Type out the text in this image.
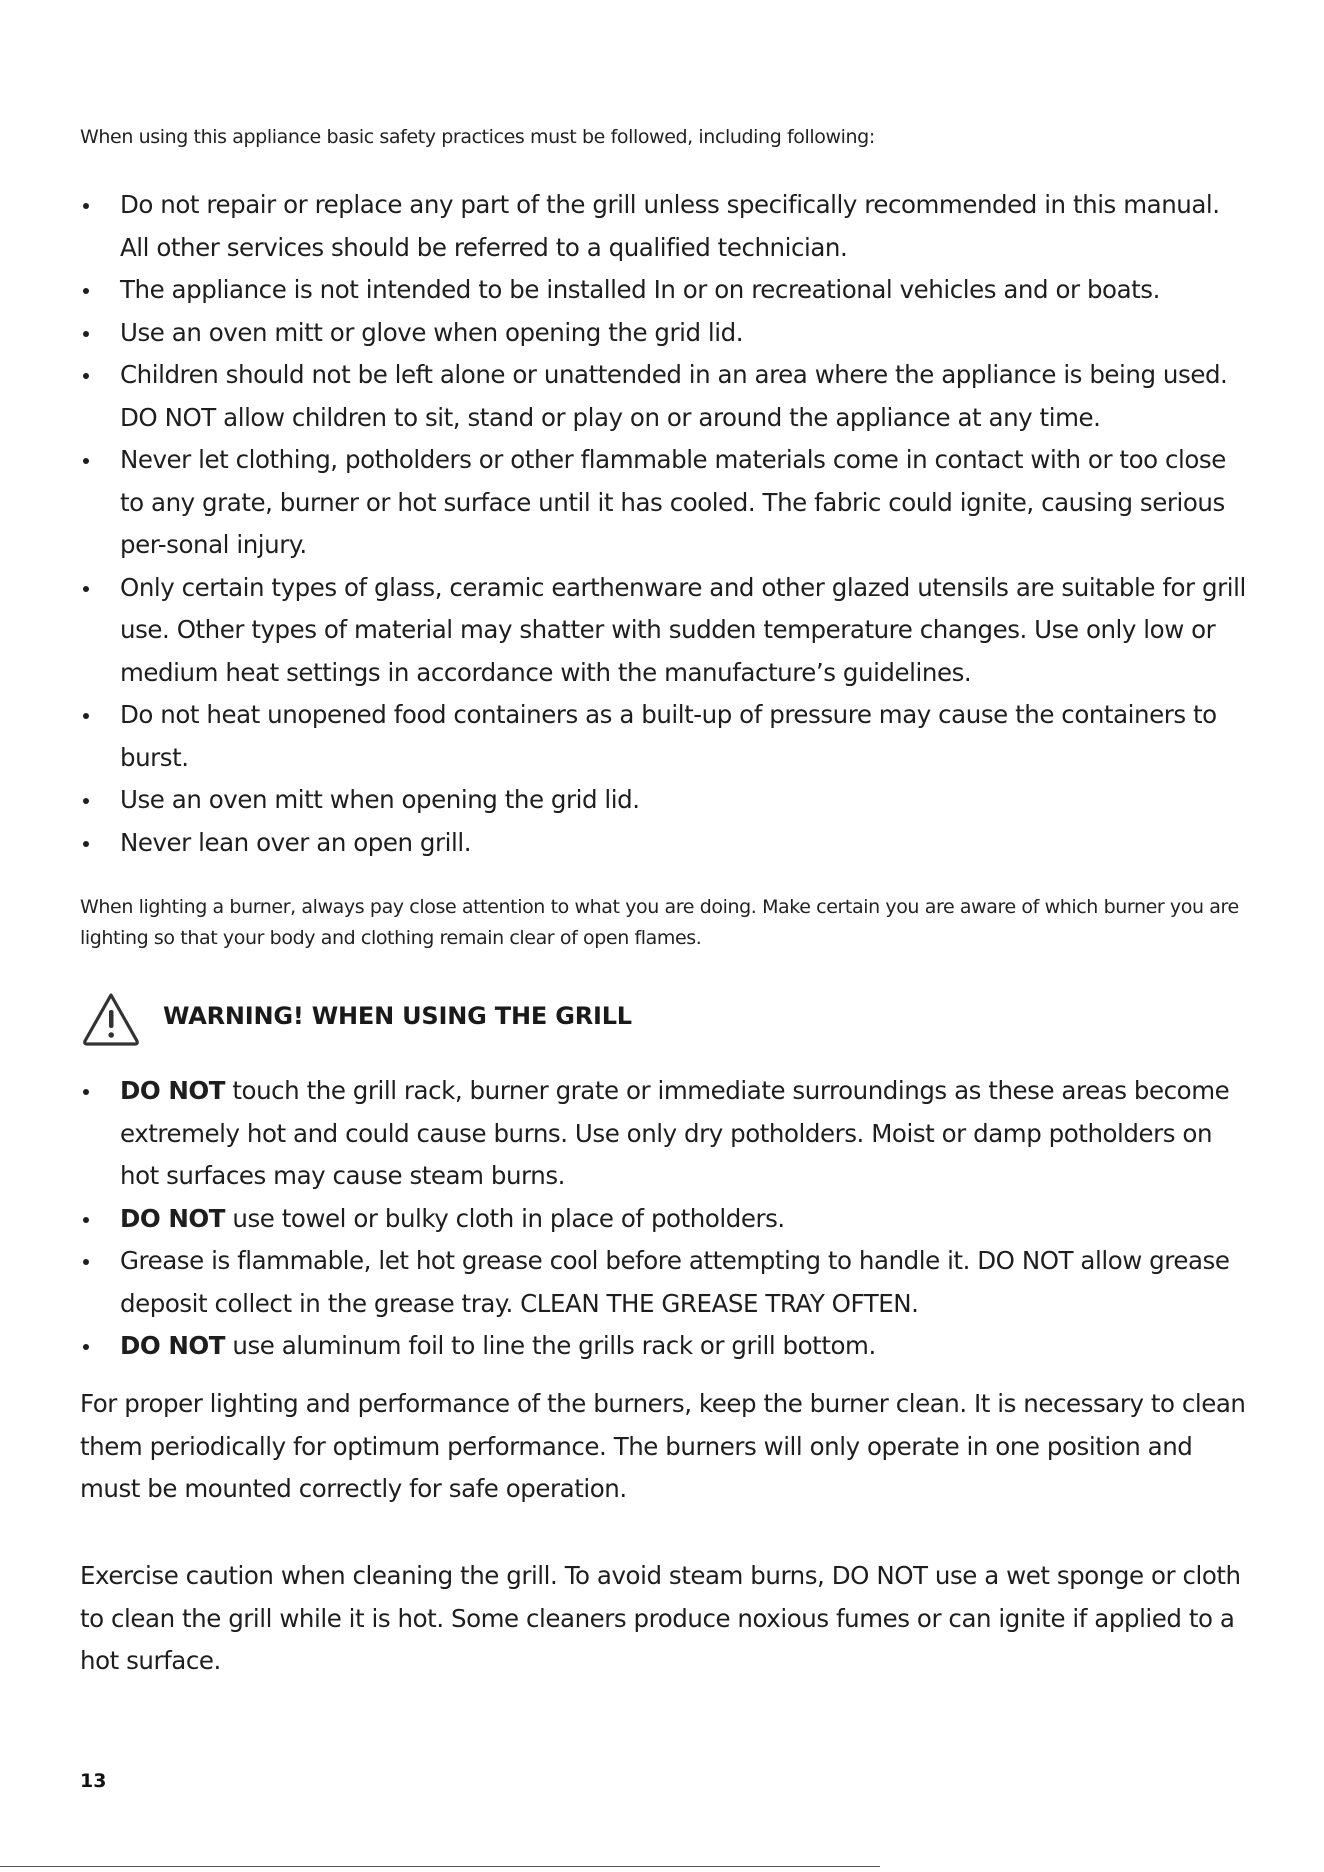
When using this appliance basic safety practices must be followed, including following:
Do not repair or replace any part of the grill unless specifically recommended in this manual. All other services should be referred to a qualified technician.
The appliance is not intended to be installed In or on recreational vehicles and or boats.
Use an oven mitt or glove when opening the grid lid.
Children should not be left alone or unattended in an area where the appliance is being used. DO NOT allow children to sit, stand or play on or around the appliance at any time.
Never let clothing, potholders or other flammable materials come in contact with or too close to any grate, burner or hot surface until it has cooled. The fabric could ignite, causing serious per-sonal injury.
Only certain types of glass, ceramic earthenware and other glazed utensils are suitable for grill use. Other types of material may shatter with sudden temperature changes. Use only low or medium heat settings in accordance with the manufacture’s guidelines.
Do not heat unopened food containers as a built-up of pressure may cause the containers to burst.
Use an oven mitt when opening the grid lid.
Never lean over an open grill.
When lighting a burner, always pay close attention to what you are doing. Make certain you are aware of which burner you are lighting so that your body and clothing remain clear of open flames.
WARNING! WHEN USING THE GRILL
DO NOT touch the grill rack, burner grate or immediate surroundings as these areas become extremely hot and could cause burns. Use only dry potholders. Moist or damp potholders on hot surfaces may cause steam burns.
DO NOT use towel or bulky cloth in place of potholders.
Grease is flammable, let hot grease cool before attempting to handle it. DO NOT allow grease deposit collect in the grease tray. CLEAN THE GREASE TRAY OFTEN.
DO NOT use aluminum foil to line the grills rack or grill bottom.
For proper lighting and performance of the burners, keep the burner clean. It is necessary to clean them periodically for optimum performance. The burners will only operate in one position and must be mounted correctly for safe operation.
Exercise caution when cleaning the grill. To avoid steam burns, DO NOT use a wet sponge or cloth to clean the grill while it is hot. Some cleaners produce noxious fumes or can ignite if applied to a hot surface.
13
